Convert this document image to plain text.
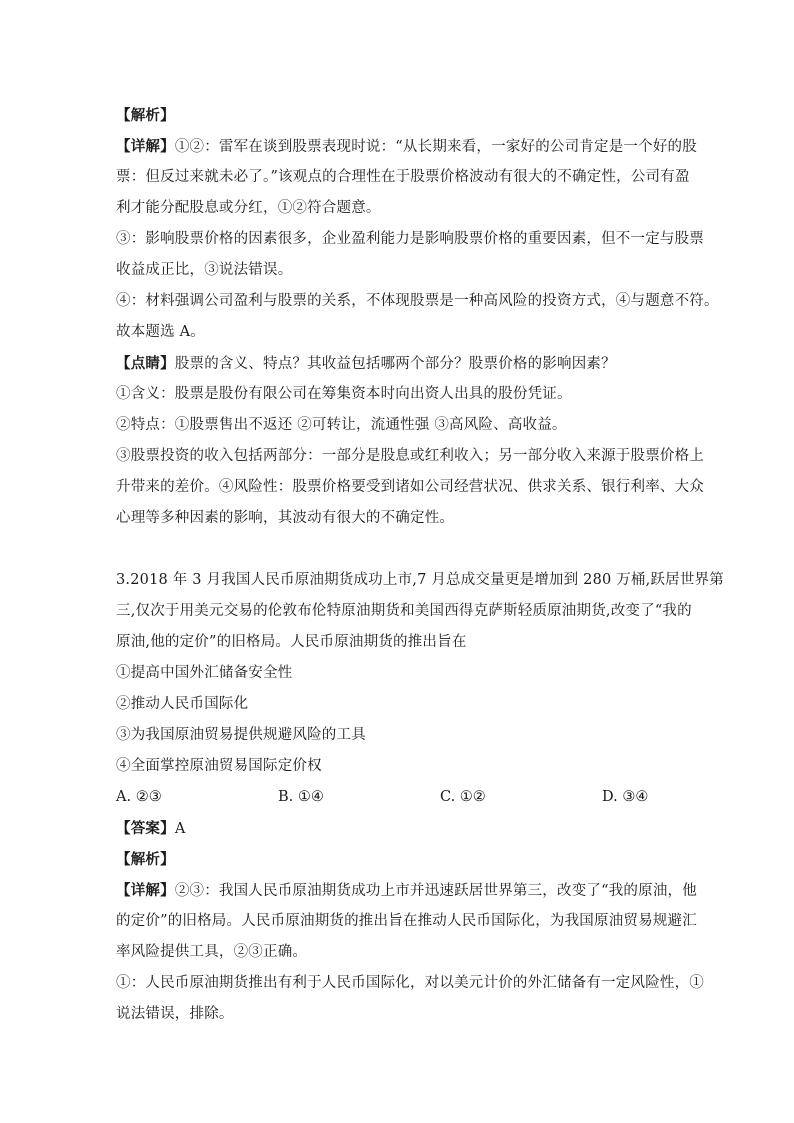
【解析】
【详解】①②：雷军在谈到股票表现时说：“从长期来看，一家好的公司肯定是一个好的股
票：但反过来就未必了。”该观点的合理性在于股票价格波动有很大的不确定性，公司有盈
利才能分配股息或分红，①②符合题意。
③：影响股票价格的因素很多，企业盈利能力是影响股票价格的重要因素，但不一定与股票
收益成正比，③说法错误。
④：材料强调公司盈利与股票的关系，不体现股票是一种高风险的投资方式，④与题意不符。
故本题选 A。
【点睛】股票的含义、特点？其收益包括哪两个部分？股票价格的影响因素？
①含义：股票是股份有限公司在筹集资本时向出资人出具的股份凭证。
②特点：①股票售出不返还 ②可转让，流通性强 ③高风险、高收益。
③股票投资的收入包括两部分：一部分是股息或红利收入；另一部分收入来源于股票价格上
升带来的差价。④风险性：股票价格要受到诸如公司经营状况、供求关系、银行利率、大众
心理等多种因素的影响，其波动有很大的不确定性。
3.2018 年 3 月我国人民币原油期货成功上市,7 月总成交量更是增加到 280 万桶,跃居世界第
三,仅次于用美元交易的伦敦布伦特原油期货和美国西得克萨斯轻质原油期货,改变了“我的
原油,他的定价”的旧格局。人民币原油期货的推出旨在
①提高中国外汇储备安全性
②推动人民币国际化
③为我国原油贸易提供规避风险的工具
④全面掌控原油贸易国际定价权
A. ②③	B. ①④	C. ①②	D. ③④
【答案】A
【解析】
【详解】②③：我国人民币原油期货成功上市并迅速跃居世界第三，改变了“我的原油，他
的定价”的旧格局。人民币原油期货的推出旨在推动人民币国际化，为我国原油贸易规避汇
率风险提供工具，②③正确。
①：人民币原油期货推出有利于人民币国际化，对以美元计价的外汇储备有一定风险性，①
说法错误，排除。
